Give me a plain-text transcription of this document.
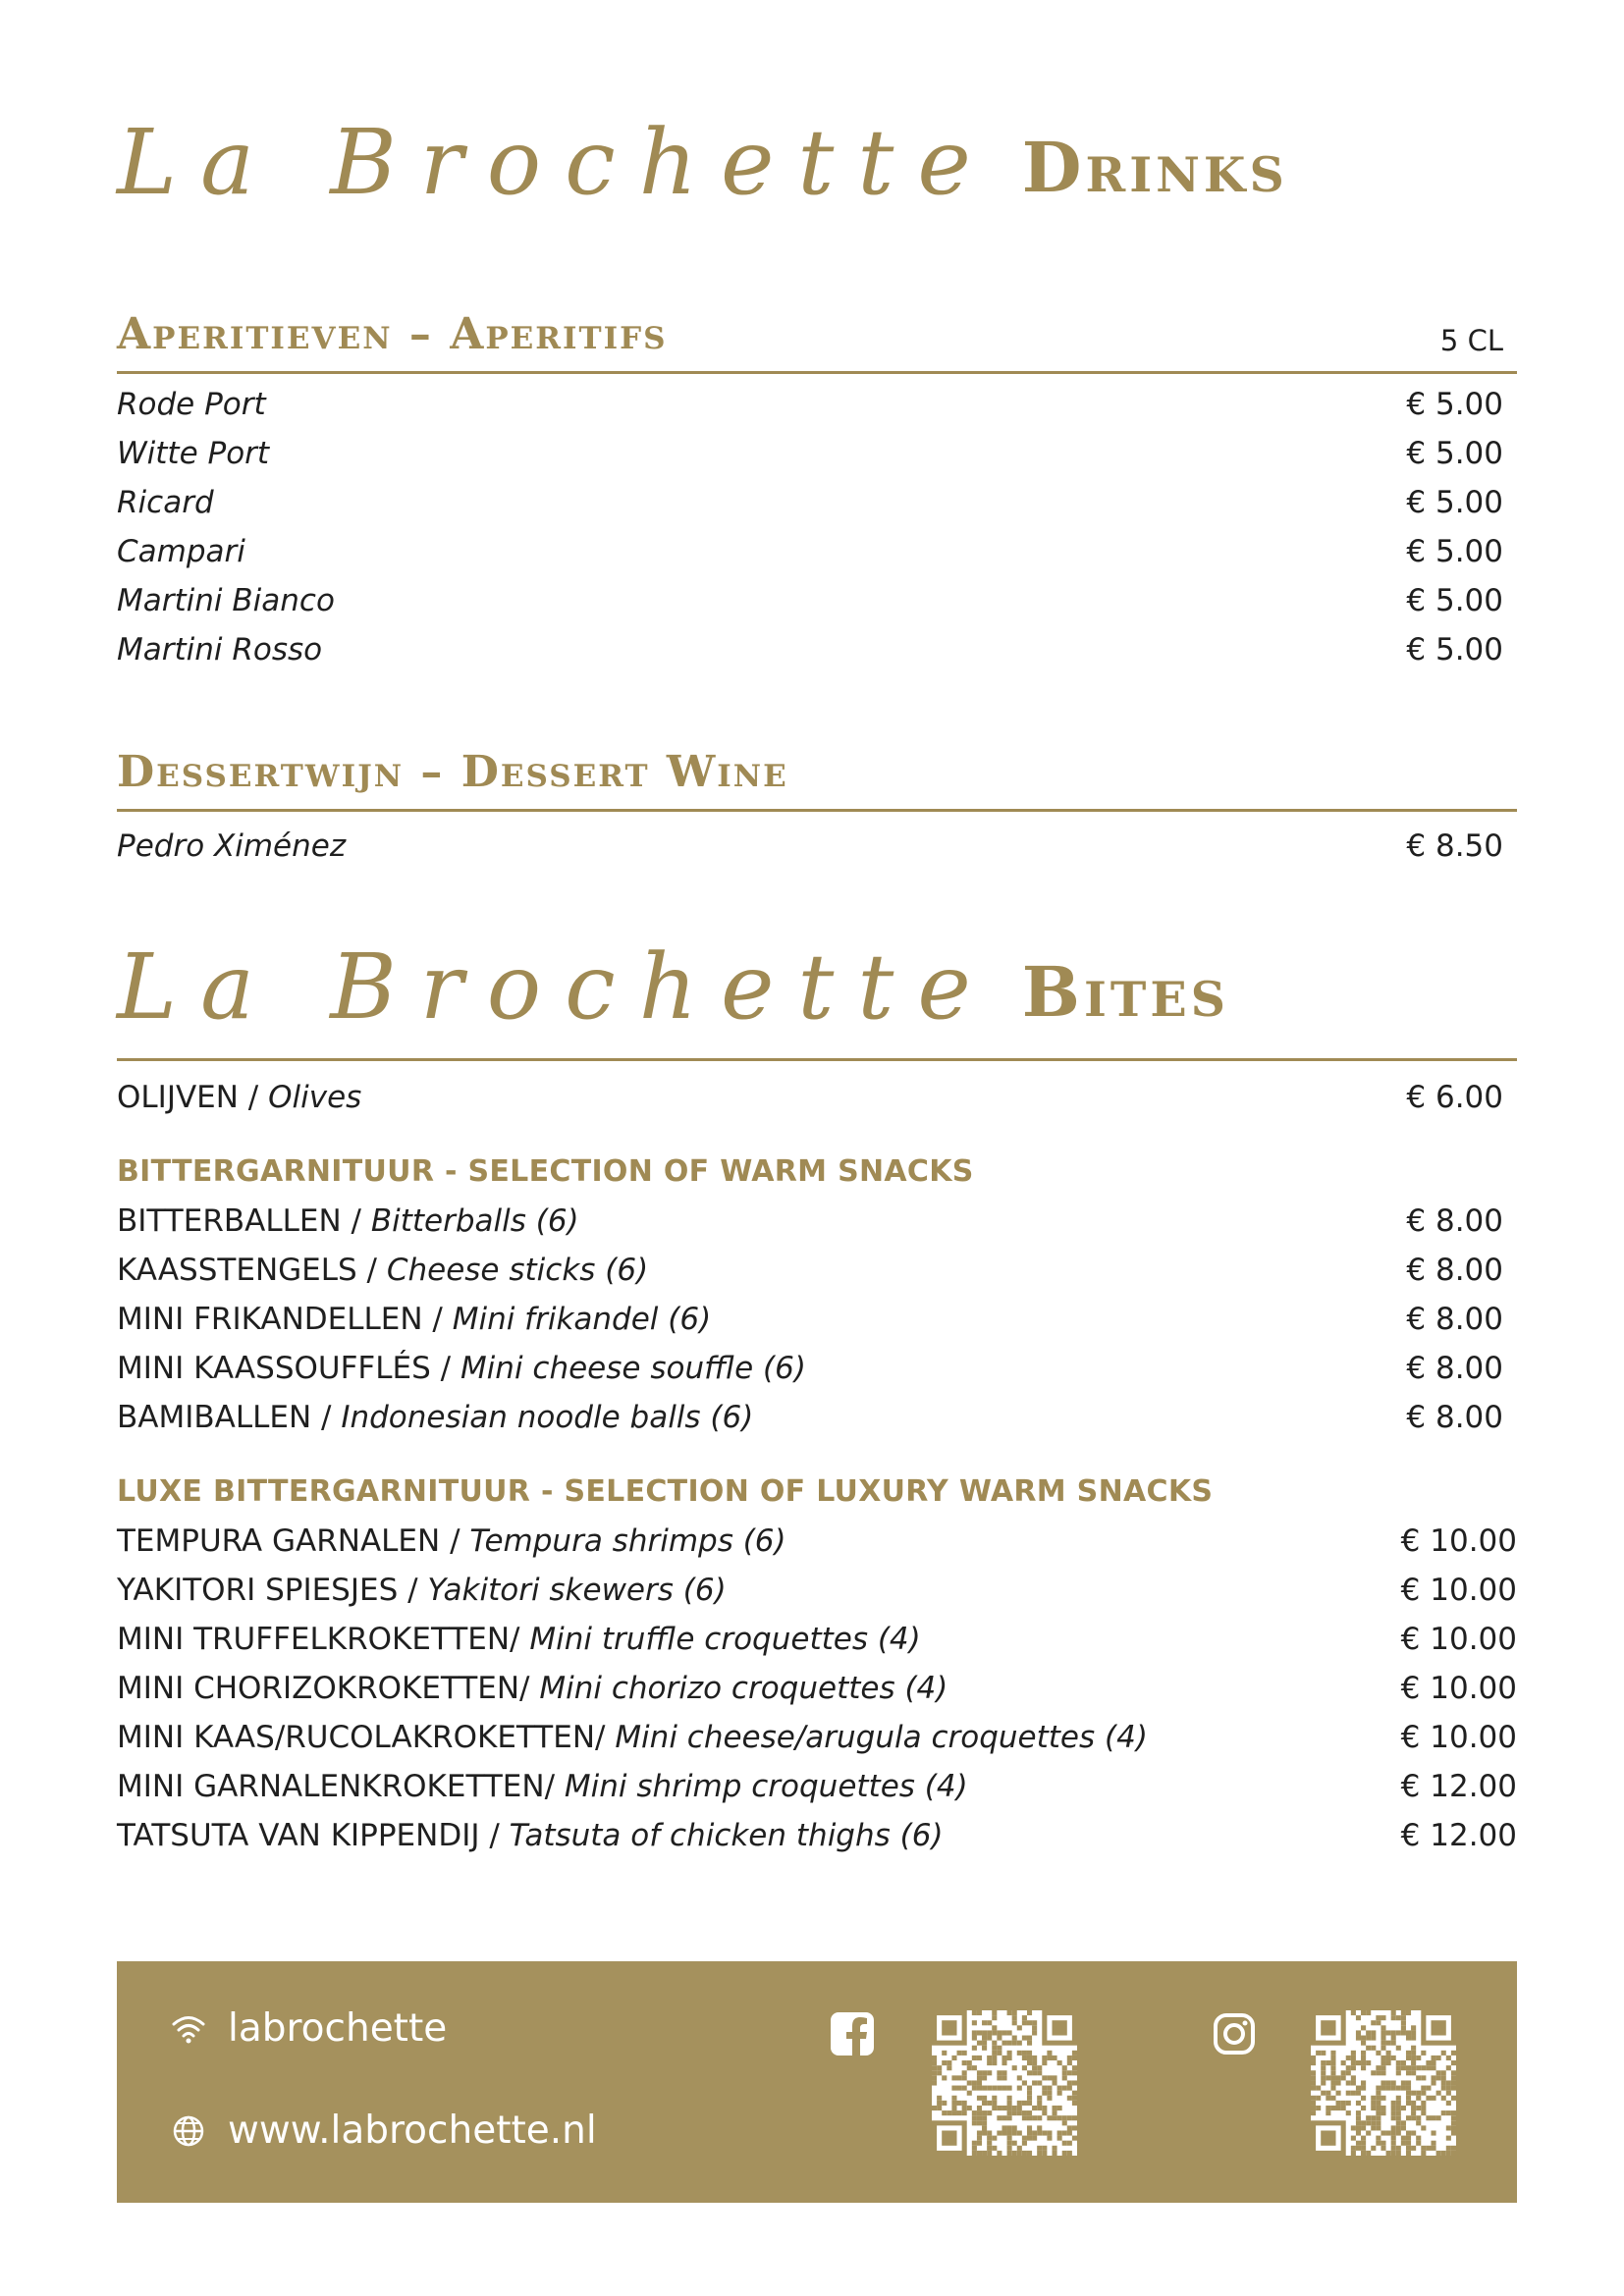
La Brochette Drinks
Aperitieven – Aperitifs	5 CL
Rode Port	€ 5.00
Witte Port	€ 5.00
Ricard	€ 5.00
Campari	€ 5.00
Martini Bianco	€ 5.00
Martini Rosso	€ 5.00
Dessertwijn – Dessert Wine
Pedro Ximénez	€ 8.50
La Brochette Bites
OLIJVEN / Olives	€ 6.00
BITTERGARNITUUR - SELECTION OF WARM SNACKS
BITTERBALLEN / Bitterballs (6)	€ 8.00
KAASSTENGELS / Cheese sticks (6)	€ 8.00
MINI FRIKANDELLEN / Mini frikandel (6)	€ 8.00
MINI KAASSOUFFLÉS / Mini cheese souffle (6)	€ 8.00
BAMIBALLEN / Indonesian noodle balls (6)	€ 8.00
LUXE BITTERGARNITUUR - SELECTION OF LUXURY WARM SNACKS
TEMPURA GARNALEN / Tempura shrimps (6)	€ 10.00
YAKITORI SPIESJES / Yakitori skewers (6)	€ 10.00
MINI TRUFFELKROKETTEN/ Mini truffle croquettes (4)	€ 10.00
MINI CHORIZOKROKETTEN/ Mini chorizo croquettes (4)	€ 10.00
MINI KAAS/RUCOLAKROKETTEN/ Mini cheese/arugula croquettes (4)	€ 10.00
MINI GARNALENKROKETTEN/ Mini shrimp croquettes (4)	€ 12.00
TATSUTA VAN KIPPENDIJ / Tatsuta of chicken thighs (6)	€ 12.00
labrochette
www.labrochette.nl
